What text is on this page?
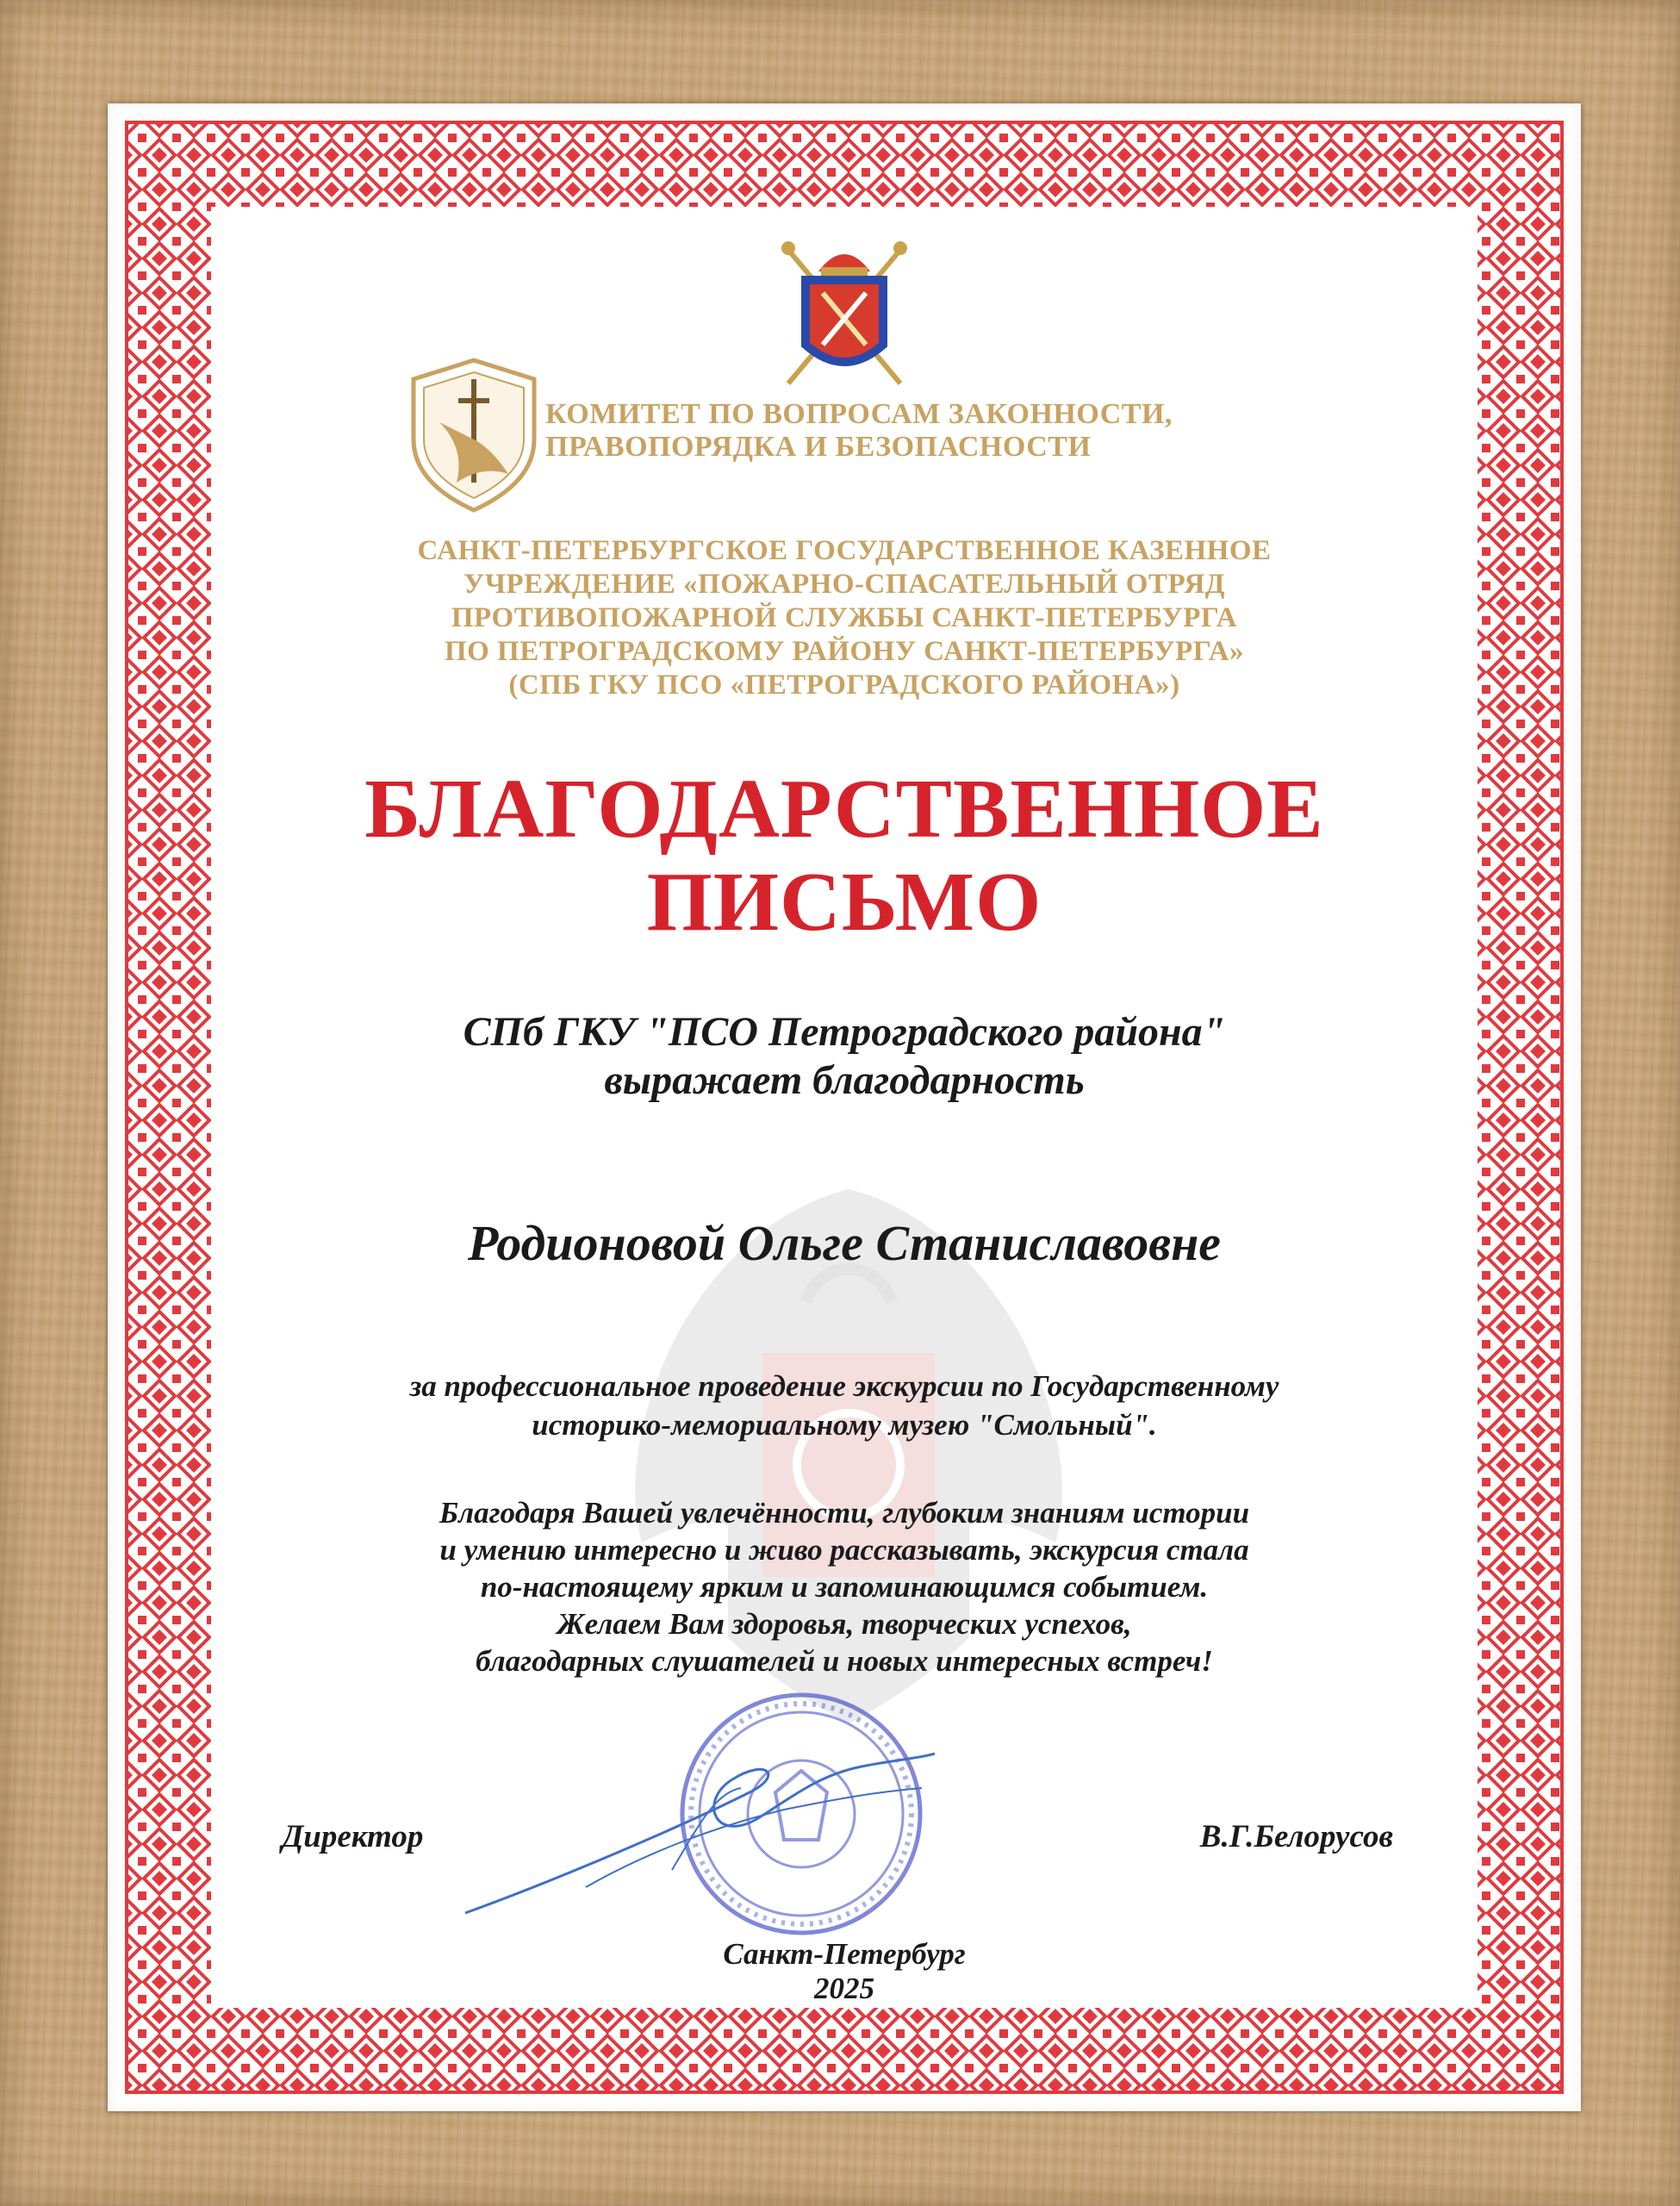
КОМИТЕТ ПО ВОПРОСАМ ЗАКОННОСТИ,
ПРАВОПОРЯДКА И БЕЗОПАСНОСТИ
САНКТ-ПЕТЕРБУРГСКОЕ ГОСУДАРСТВЕННОЕ КАЗЕННОЕ
УЧРЕЖДЕНИЕ «ПОЖАРНО-СПАСАТЕЛЬНЫЙ ОТРЯД
ПРОТИВОПОЖАРНОЙ СЛУЖБЫ САНКТ-ПЕТЕРБУРГА
ПО ПЕТРОГРАДСКОМУ РАЙОНУ САНКТ-ПЕТЕРБУРГА»
(СПБ ГКУ ПСО «ПЕТРОГРАДСКОГО РАЙОНА»)
БЛАГОДАРСТВЕННОЕ
ПИСЬМО
СПб ГКУ "ПСО Петроградского района"
выражает благодарность
Родионовой Ольге Станиславовне
за профессиональное проведение экскурсии по Государственному
историко-мемориальному музею "Смольный".
Благодаря Вашей увлечённости, глубоким знаниям истории
и умению интересно и живо рассказывать, экскурсия стала
по-настоящему ярким и запоминающимся событием.
Желаем Вам здоровья, творческих успехов,
благодарных слушателей и новых интересных встреч!
Директор	В.Г.Белорусов
Санкт-Петербург
2025
